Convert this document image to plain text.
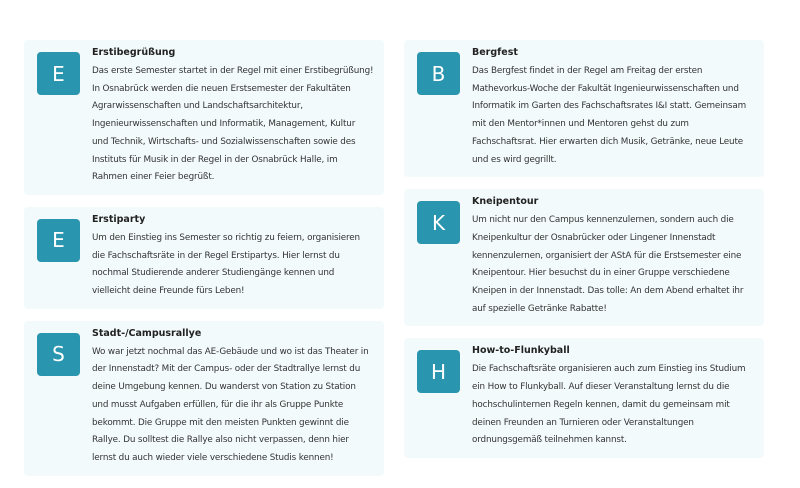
E
Erstibegrüßung
Das erste Semester startet in der Regel mit einer Erstibegrüßung! In Osnabrück werden die neuen Erstsemester der Fakultäten Agrarwissenschaften und Landschaftsarchitektur, Ingenieurwissenschaften und Informatik, Management, Kultur und Technik, Wirtschafts- und Sozialwissenschaften sowie des Instituts für Musik in der Regel in der Osnabrück Halle, im Rahmen einer Feier begrüßt.
E
Erstiparty
Um den Einstieg ins Semester so richtig zu feiern, organisieren die Fachschaftsräte in der Regel Erstipartys. Hier lernst du nochmal Studierende anderer Studiengänge kennen und vielleicht deine Freunde fürs Leben!
S
Stadt-/Campusrallye
Wo war jetzt nochmal das AE-Gebäude und wo ist das Theater in der Innenstadt? Mit der Campus- oder der Stadtrallye lernst du deine Umgebung kennen. Du wanderst von Station zu Station und musst Aufgaben erfüllen, für die ihr als Gruppe Punkte bekommt. Die Gruppe mit den meisten Punkten gewinnt die Rallye. Du solltest die Rallye also nicht verpassen, denn hier lernst du auch wieder viele verschiedene Studis kennen!
B
Bergfest
Das Bergfest findet in der Regel am Freitag der ersten Mathevorkus-Woche der Fakultät Ingenieurwissenschaften und Informatik im Garten des Fachschaftsrates I&I statt. Gemeinsam mit den Mentor*innen und Mentoren gehst du zum Fachschaftsrat. Hier erwarten dich Musik, Getränke, neue Leute und es wird gegrillt.
K
Kneipentour
Um nicht nur den Campus kennenzulernen, sondern auch die Kneipenkultur der Osnabrücker oder Lingener Innenstadt kennenzulernen, organisiert der AStA für die Erstsemester eine Kneipentour. Hier besuchst du in einer Gruppe verschiedene Kneipen in der Innenstadt. Das tolle: An dem Abend erhaltet ihr auf spezielle Getränke Rabatte!
H
How-to-Flunkyball
Die Fachschaftsräte organisieren auch zum Einstieg ins Studium ein How to Flunkyball. Auf dieser Veranstaltung lernst du die hochschulinternen Regeln kennen, damit du gemeinsam mit deinen Freunden an Turnieren oder Veranstaltungen ordnungsgemäß teilnehmen kannst.
